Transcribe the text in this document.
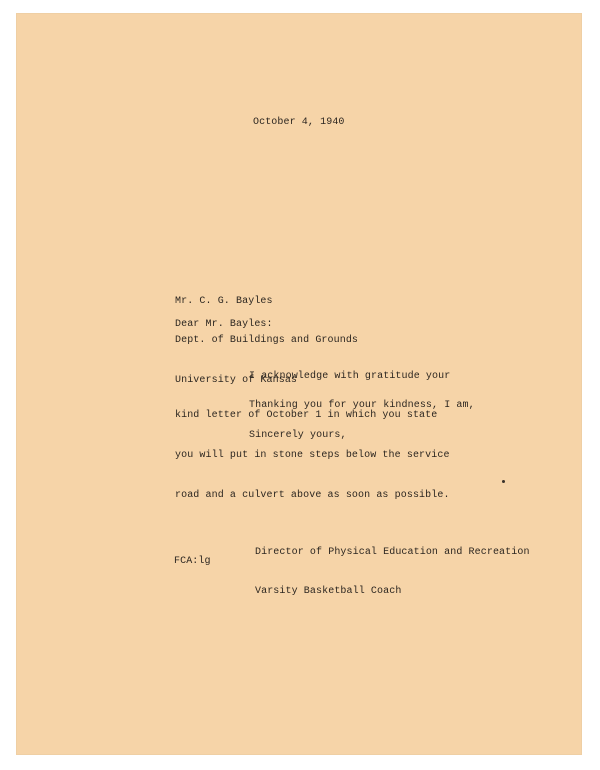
October 4, 1940

Mr. C. G. Bayles

Dept. of Buildings and Grounds

University of Kansas

Dear Mr. Bayles:

I acknowledge with gratitude your

kind letter of October 1 in which you state

you will put in stone steps below the service

road and a culvert above as soon as possible.

Thanking you for your kindness, I am,
Sincerely yours,

Director of Physical Education and Recreation

Varsity Basketball Coach

FCA:lg
